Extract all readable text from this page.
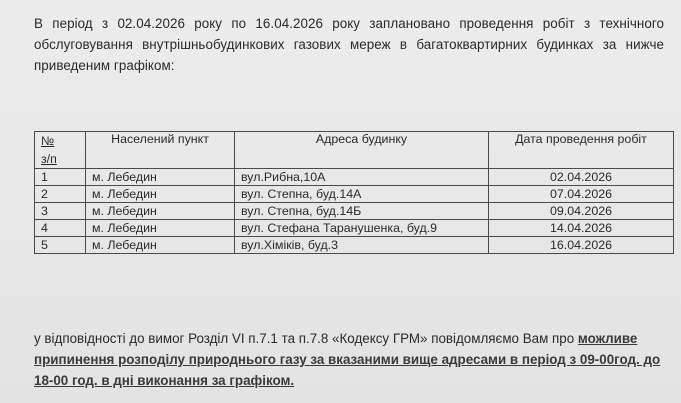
В період з 02.04.2026 року по 16.04.2026 року заплановано проведення робіт з технічного обслуговування внутрішньобудинкових газових мереж в багатоквартирних будинках за нижче приведеним графіком:
№
з/п	Населений пункт	Адреса будинку	Дата проведення робіт
1	м. Лебедин	вул.Рибна,10А	02.04.2026
2	м. Лебедин	вул. Степна, буд.14А	07.04.2026
3	м. Лебедин	вул. Степна, буд.14Б	09.04.2026
4	м. Лебедин	вул. Стефана Таранушенка, буд.9	14.04.2026
5	м. Лебедин	вул.Хіміків, буд.3	16.04.2026
у відповідності до вимог Розділ VI п.7.1 та п.7.8 «Кодексу ГРМ» повідомляємо Вам про можливе припинення розподілу природнього газу за вказаними вище адресами в період з 09-00год. до 18-00 год. в дні виконання за графіком.
